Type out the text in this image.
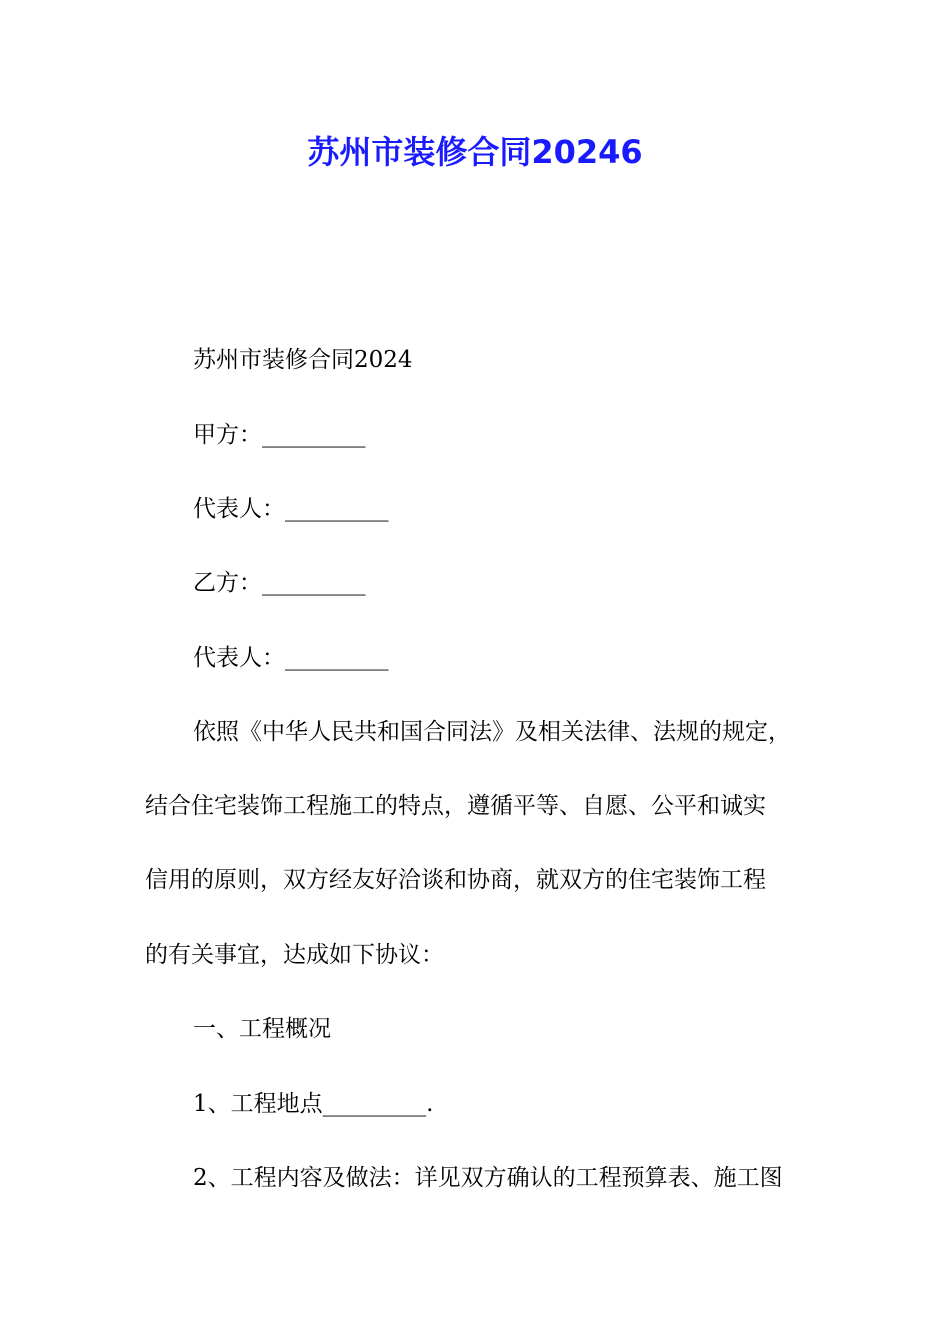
苏州市装修合同20246

苏州市装修合同2024

甲方：_________

代表人：_________

乙方：_________

代表人：_________

依照《中华人民共和国合同法》及相关法律、法规的规定，

结合住宅装饰工程施工的特点，遵循平等、自愿、公平和诚实

信用的原则，双方经友好洽谈和协商，就双方的住宅装饰工程

的有关事宜，达成如下协议：

一、工程概况

1、工程地点_________.

2、工程内容及做法：详见双方确认的工程预算表、施工图
